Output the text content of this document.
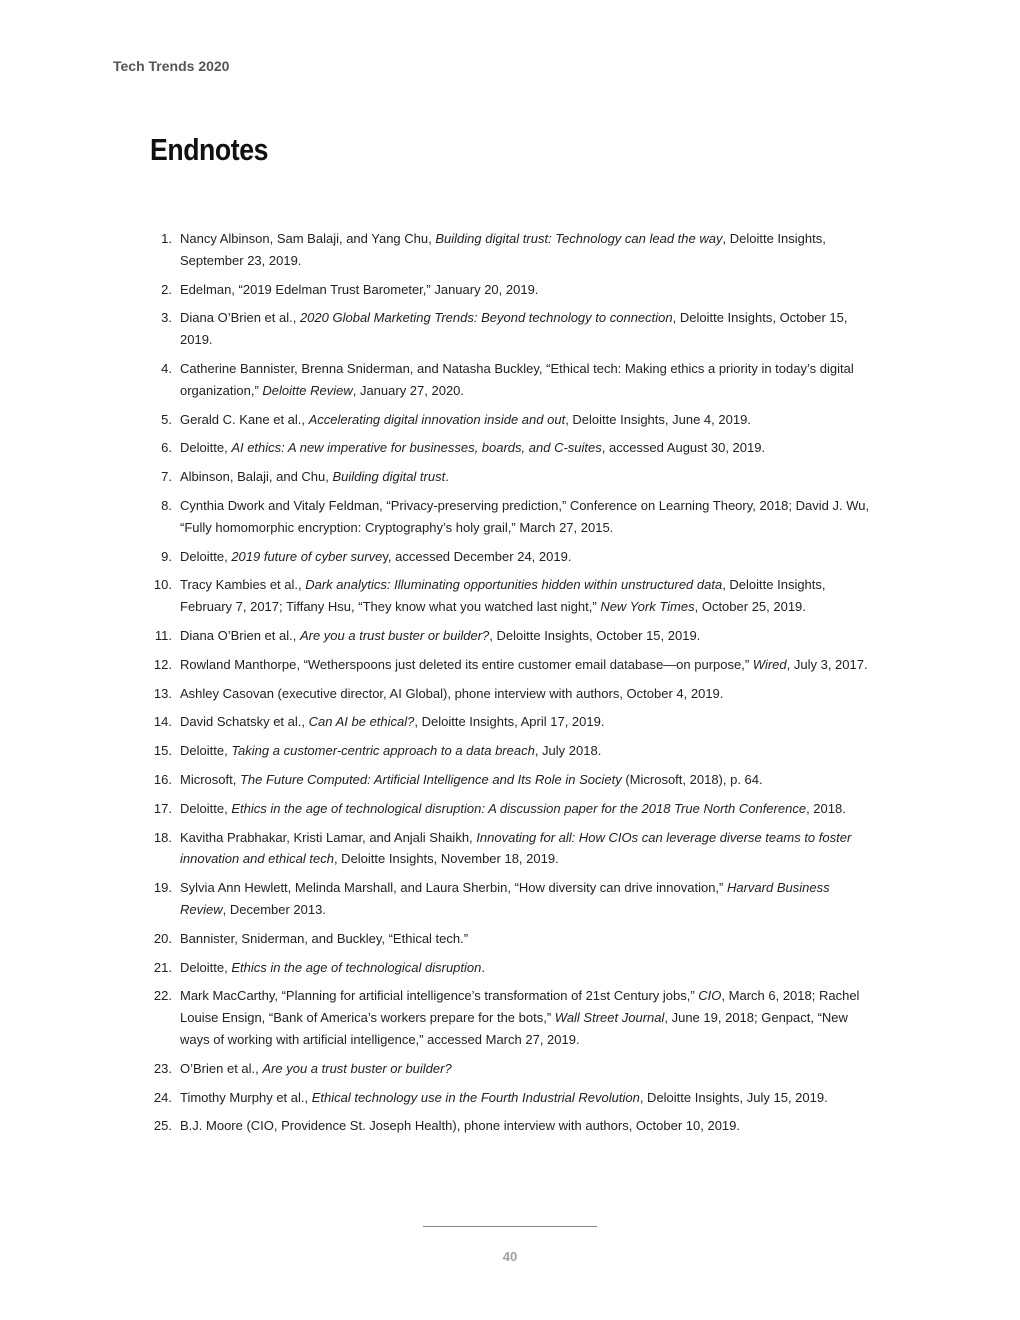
Tech Trends 2020
Endnotes
1. Nancy Albinson, Sam Balaji, and Yang Chu, Building digital trust: Technology can lead the way, Deloitte Insights, September 23, 2019.
2. Edelman, “2019 Edelman Trust Barometer,” January 20, 2019.
3. Diana O’Brien et al., 2020 Global Marketing Trends: Beyond technology to connection, Deloitte Insights, October 15, 2019.
4. Catherine Bannister, Brenna Sniderman, and Natasha Buckley, “Ethical tech: Making ethics a priority in today’s digital organization,” Deloitte Review, January 27, 2020.
5. Gerald C. Kane et al., Accelerating digital innovation inside and out, Deloitte Insights, June 4, 2019.
6. Deloitte, AI ethics: A new imperative for businesses, boards, and C-suites, accessed August 30, 2019.
7. Albinson, Balaji, and Chu, Building digital trust.
8. Cynthia Dwork and Vitaly Feldman, “Privacy-preserving prediction,” Conference on Learning Theory, 2018; David J. Wu, “Fully homomorphic encryption: Cryptography’s holy grail,” March 27, 2015.
9. Deloitte, 2019 future of cyber survey, accessed December 24, 2019.
10. Tracy Kambies et al., Dark analytics: Illuminating opportunities hidden within unstructured data, Deloitte Insights, February 7, 2017; Tiffany Hsu, “They know what you watched last night,” New York Times, October 25, 2019.
11. Diana O’Brien et al., Are you a trust buster or builder?, Deloitte Insights, October 15, 2019.
12. Rowland Manthorpe, “Wetherspoons just deleted its entire customer email database—on purpose,” Wired, July 3, 2017.
13. Ashley Casovan (executive director, AI Global), phone interview with authors, October 4, 2019.
14. David Schatsky et al., Can AI be ethical?, Deloitte Insights, April 17, 2019.
15. Deloitte, Taking a customer-centric approach to a data breach, July 2018.
16. Microsoft, The Future Computed: Artificial Intelligence and Its Role in Society (Microsoft, 2018), p. 64.
17. Deloitte, Ethics in the age of technological disruption: A discussion paper for the 2018 True North Conference, 2018.
18. Kavitha Prabhakar, Kristi Lamar, and Anjali Shaikh, Innovating for all: How CIOs can leverage diverse teams to foster innovation and ethical tech, Deloitte Insights, November 18, 2019.
19. Sylvia Ann Hewlett, Melinda Marshall, and Laura Sherbin, “How diversity can drive innovation,” Harvard Business Review, December 2013.
20. Bannister, Sniderman, and Buckley, “Ethical tech.”
21. Deloitte, Ethics in the age of technological disruption.
22. Mark MacCarthy, “Planning for artificial intelligence’s transformation of 21st Century jobs,” CIO, March 6, 2018; Rachel Louise Ensign, “Bank of America’s workers prepare for the bots,” Wall Street Journal, June 19, 2018; Genpact, “New ways of working with artificial intelligence,” accessed March 27, 2019.
23. O’Brien et al., Are you a trust buster or builder?
24. Timothy Murphy et al., Ethical technology use in the Fourth Industrial Revolution, Deloitte Insights, July 15, 2019.
25. B.J. Moore (CIO, Providence St. Joseph Health), phone interview with authors, October 10, 2019.
40
